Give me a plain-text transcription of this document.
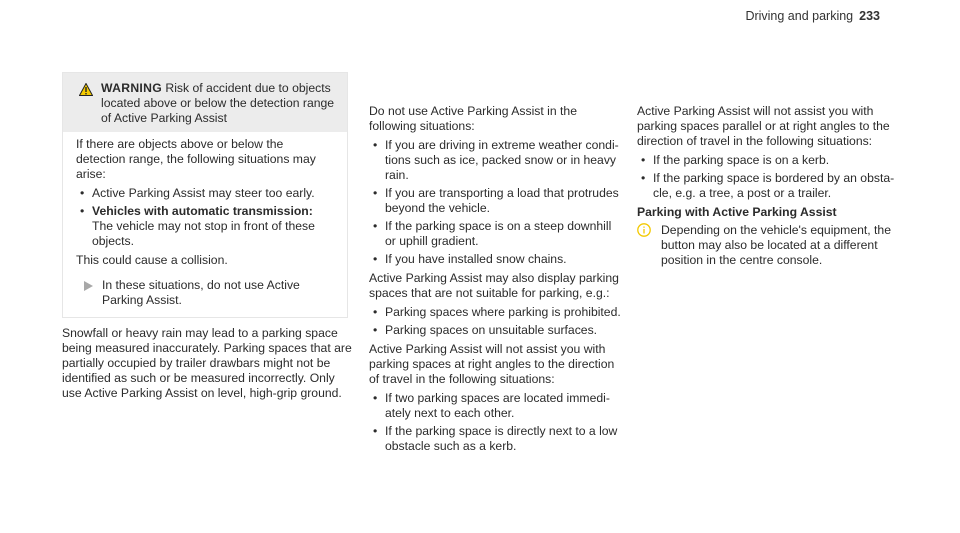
Driving and parking 233
WARNING Risk of accident due to objects located above or below the detection range of Active Parking Assist

If there are objects above or below the detection range, the following situations may arise:

• Active Parking Assist may steer too early.
• Vehicles with automatic transmission: The vehicle may not stop in front of these objects.

This could cause a collision.

In these situations, do not use Active Parking Assist.

Snowfall or heavy rain may lead to a parking space being measured inaccurately. Parking spaces that are partially occupied by trailer drawbars might not be identified as such or be measured incorrectly. Only use Active Parking Assist on level, high-grip ground.

Do not use Active Parking Assist in the following situations:

• If you are driving in extreme weather conditions such as ice, packed snow or in heavy rain.
• If you are transporting a load that protrudes beyond the vehicle.
• If the parking space is on a steep downhill or uphill gradient.
• If you have installed snow chains.

Active Parking Assist may also display parking spaces that are not suitable for parking, e.g.:

• Parking spaces where parking is prohibited.
• Parking spaces on unsuitable surfaces.

Active Parking Assist will not assist you with parking spaces at right angles to the direction of travel in the following situations:

• If two parking spaces are located immediately next to each other.
• If the parking space is directly next to a low obstacle such as a kerb.

Active Parking Assist will not assist you with parking spaces parallel or at right angles to the direction of travel in the following situations:

• If the parking space is on a kerb.
• If the parking space is bordered by an obstacle, e.g. a tree, a post or a trailer.
Parking with Active Parking Assist
Depending on the vehicle's equipment, the button may also be located at a different position in the centre console.
